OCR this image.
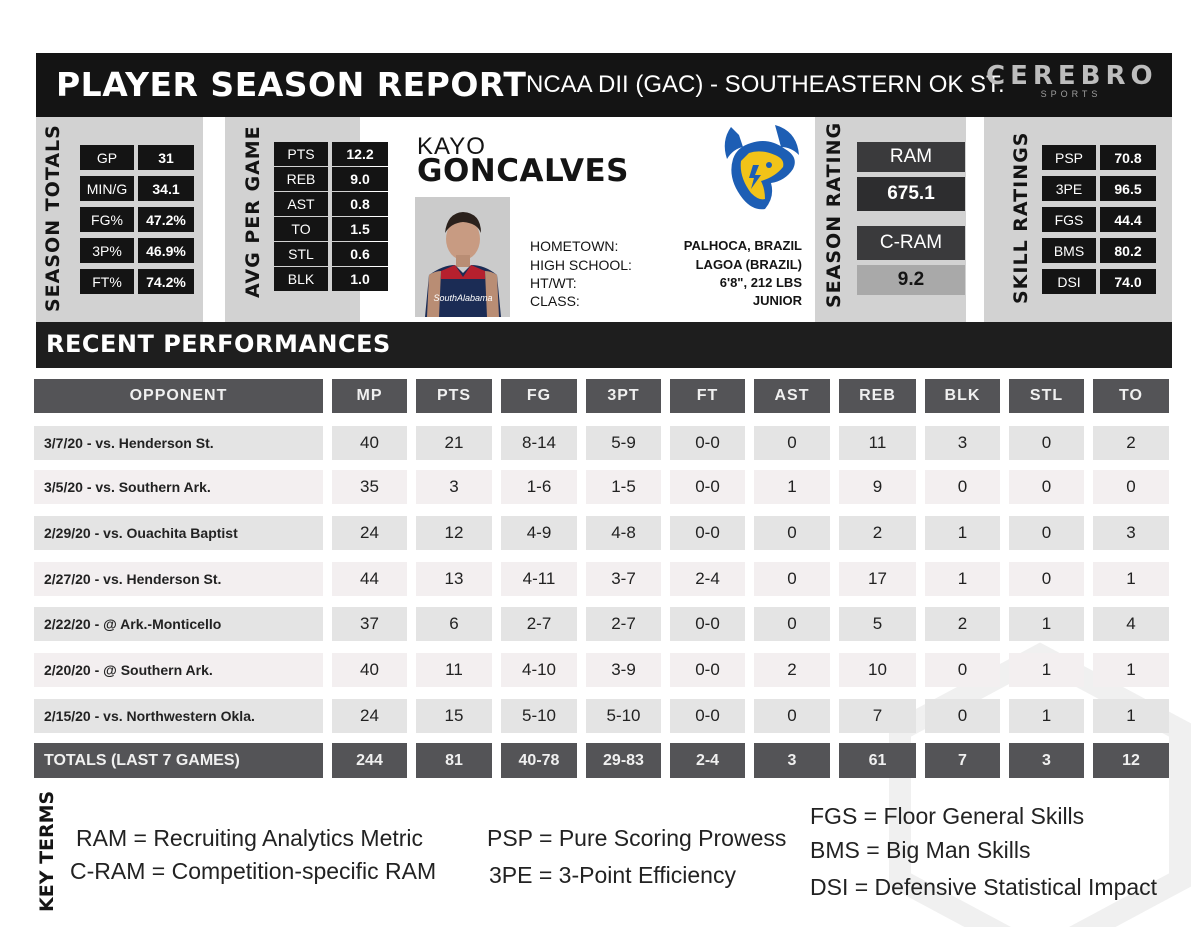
PLAYER SEASON REPORT NCAA DII (GAC) - SOUTHEASTERN OK ST.
CEREBRO
SPORTS
SEASON TOTALS	GP	31
MIN/G	34.1
FG%	47.2%
3P%	46.9%
FT%	74.2%	AVG PER GAME	PTS	12.2
REB	9.0
AST	0.8
TO	1.5
STL	0.6
BLK	1.0
KAYO
GONCALVES
SouthAlabama
HOMETOWN:	PALHOCA, BRAZIL
HIGH SCHOOL:	LAGOA (BRAZIL)
HT/WT:	6'8", 212 LBS
CLASS:	JUNIOR SEASON RATING	RAM
675.1
C-RAM
9.2	SKILL RATINGS	PSP	70.8
3PE	96.5
FGS	44.4
BMS	80.2
DSI	74.0
RECENT PERFORMANCES
OPPONENT	MP	PTS	FG	3PT	FT	AST	REB	BLK	STL	TO
3/7/20 - vs. Henderson St.	40	21	8-14	5-9	0-0	0	11	3	0	2
3/5/20 - vs. Southern Ark.	35	3	1-6	1-5	0-0	1	9	0	0	0
2/29/20 - vs. Ouachita Baptist	24	12	4-9	4-8	0-0	0	2	1	0	3
2/27/20 - vs. Henderson St.	44	13	4-11	3-7	2-4	0	17	1	0	1
2/22/20 - @ Ark.-Monticello	37	6	2-7	2-7	0-0	0	5	2	1	4
2/20/20 - @ Southern Ark.	40	11	4-10	3-9	0-0	2	10	0	1	1
2/15/20 - vs. Northwestern Okla.	24	15	5-10	5-10	0-0	0	7	0	1	1
TOTALS (LAST 7 GAMES)	244	81	40-78	29-83	2-4	3	61	7	3	12
KEY TERMS RAM = Recruiting Analytics Metric
C-RAM = Competition-specific RAM
PSP = Pure Scoring Prowess
3PE = 3-Point Efficiency
FGS = Floor General Skills
BMS = Big Man Skills
DSI = Defensive Statistical Impact
